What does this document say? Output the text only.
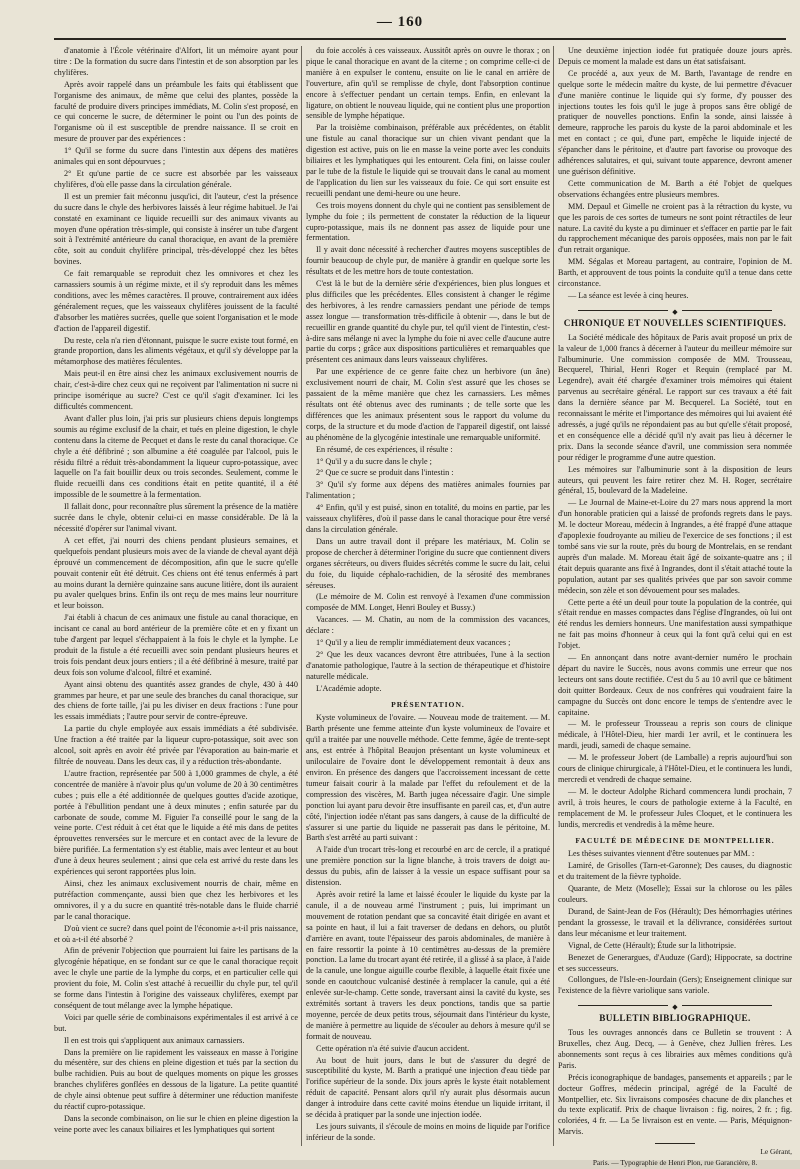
— 160 —

d'anatomie à l'École vétérinaire d'Alfort, lit un mémoire ayant pour titre : De la formation du sucre dans l'intestin et de son absorption par les chylifères.

Après avoir rappelé dans un préambule les faits qui établissent que l'organisme des animaux, de même que celui des plantes, possède la faculté de produire divers principes immédiats, M. Colin s'est proposé, en ce qui concerne le sucre, de déterminer le point ou l'un des points de l'organisme où il est susceptible de prendre naissance. Il se croit en mesure de prouver par des expériences :

1° Qu'il se forme du sucre dans l'intestin aux dépens des matières animales qui en sont dépourvues ;

2° Et qu'une partie de ce sucre est absorbée par les vaisseaux chylifères, d'où elle passe dans la circulation générale.

Il est un premier fait méconnu jusqu'ici, dit l'auteur, c'est la présence du sucre dans le chyle des herbivores laissés à leur régime habituel. Je l'ai constaté en examinant ce liquide recueilli sur des animaux vivants au moyen d'une opération très-simple, qui consiste à insérer un tube d'argent soit à l'extrémité antérieure du canal thoracique, en avant de la première côte, soit au conduit chylifère principal, très-développé chez les bêtes bovines.

Ce fait remarquable se reproduit chez les omnivores et chez les carnassiers soumis à un régime mixte, et il s'y reproduit dans les mêmes conditions, avec les mêmes caractères. Il prouve, contrairement aux idées généralement reçues, que les vaisseaux chylifères jouissent de la faculté d'absorber les matières sucrées, quelle que soient l'organisation et le mode d'action de l'appareil digestif.

Du reste, cela n'a rien d'étonnant, puisque le sucre existe tout formé, en grande proportion, dans les aliments végétaux, et qu'il s'y développe par la métamorphose des matières féculentes.

Mais peut-il en être ainsi chez les animaux exclusivement nourris de chair, c'est-à-dire chez ceux qui ne reçoivent par l'alimentation ni sucre ni principe isomérique au sucre? C'est ce qu'il s'agit d'examiner. Ici les difficultés commencent.

Avant d'aller plus loin, j'ai pris sur plusieurs chiens depuis longtemps soumis au régime exclusif de la chair, et tués en pleine digestion, le chyle contenu dans la citerne de Pecquet et dans le reste du canal thoracique. Ce chyle a été défibriné ; son albumine a été coagulée par l'alcool, puis le résidu filtré a réduit très-abondamment la liqueur cupro-potassique, avec laquelle on l'a fait bouillir deux ou trois secondes. Seulement, comme le fluide recueilli dans ces conditions était en petite quantité, il a été impossible de le soumettre à la fermentation.

Il fallait donc, pour reconnaître plus sûrement la présence de la matière sucrée dans le chyle, obtenir celui-ci en masse considérable. De là la nécessité d'opérer sur l'animal vivant.

A cet effet, j'ai nourri des chiens pendant plusieurs semaines, et quelquefois pendant plusieurs mois avec de la viande de cheval ayant déjà éprouvé un commencement de décomposition, afin que le sucre qu'elle pouvait contenir eût été détruit. Ces chiens ont été tenus enfermés à part au moins durant la dernière quinzaine sans aucune litière, dont ils auraient pu avaler quelques brins. Enfin ils ont reçu de mes mains leur nourriture et leur boisson.

J'ai établi à chacun de ces animaux une fistule au canal thoracique, en incisant ce canal au bord antérieur de la première côte et en y fixant un tube d'argent par lequel s'échappaient à la fois le chyle et la lymphe. Le produit de la fistule a été recueilli avec soin pendant plusieurs heures et trois fois pendant deux jours entiers ; il a été défibriné à mesure, traité par deux fois son volume d'alcool, filtré et examiné.

Ayant ainsi obtenu des quantités assez grandes de chyle, 430 à 440 grammes par heure, et par une seule des branches du canal thoracique, sur des chiens de forte taille, j'ai pu les diviser en deux fractions : l'une pour les essais immédiats ; l'autre pour servir de contre-épreuve.

La partie du chyle employée aux essais immédiats a été subdivisée. Une fraction a été traitée par la liqueur cupro-potassique, soit avec son alcool, soit après en avoir été privée par l'évaporation au bain-marie et filtrée de nouveau. Dans les deux cas, il y a réduction très-abondante.

L'autre fraction, représentée par 500 à 1,000 grammes de chyle, a été concentrée de manière à n'avoir plus qu'un volume de 20 à 30 centimètres cubes ; puis elle a été additionnée de quelques gouttes d'acide azotique, portée à l'ébullition pendant une à deux minutes ; enfin saturée par du carbonate de soude, comme M. Figuier l'a conseillé pour le sang de la veine porte. C'est réduit à cet état que le liquide a été mis dans de petites éprouvettes renversées sur le mercure et en contact avec de la levure de bière purifiée. La fermentation s'y est établie, mais avec lenteur et au bout d'une à deux heures seulement ; ainsi que cela est arrivé du reste dans les expériences qui seront rapportées plus loin.

Ainsi, chez les animaux exclusivement nourris de chair, même en putréfaction commençante, aussi bien que chez les herbivores et les omnivores, il y a du sucre en quantité très-notable dans le fluide charrié par le canal thoracique.

D'où vient ce sucre? dans quel point de l'économie a-t-il pris naissance, et où a-t-il été absorbé ?

Afin de prévenir l'objection que pourraient lui faire les partisans de la glycogénie hépatique, en se fondant sur ce que le canal thoracique reçoit avec le chyle une partie de la lymphe du corps, et en particulier celle qui provient du foie, M. Colin s'est attaché à recueillir du chyle pur, tel qu'il se forme dans l'intestin à l'origine des vaisseaux chylifères, exempt par conséquent de tout mélange avec la lymphe hépatique.

Voici par quelle série de combinaisons expérimentales il est arrivé à ce but.

Il en est trois qui s'appliquent aux animaux carnassiers.

Dans la première on lie rapidement les vaisseaux en masse à l'origine du mésentère, sur des chiens en pleine digestion et tués par la section du bulbe rachidien. Puis au bout de quelques moments on pique les grosses branches chylifères gonflées en dessous de la ligature. La petite quantité de chyle ainsi obtenue peut suffire à déterminer une réduction manifeste du réactif cupro-potassique.

Dans la seconde combinaison, on lie sur le chien en pleine digestion la veine porte avec les canaux biliaires et les lymphatiques qui sortent

du foie accolés à ces vaisseaux. Aussitôt après on ouvre le thorax ; on pique le canal thoracique en avant de la citerne ; on comprime celle-ci de manière à en expulser le contenu, ensuite on lie le canal en arrière de l'ouverture, afin qu'il se remplisse de chyle, dont l'absorption continue encore à s'effectuer pendant un certain temps. Enfin, en enlevant la ligature, on obtient le nouveau liquide, qui ne contient plus une proportion sensible de lymphe hépatique.

Par la troisième combinaison, préférable aux précédentes, on établit une fistule au canal thoracique sur un chien vivant pendant que la digestion est active, puis on lie en masse la veine porte avec les conduits biliaires et les lymphatiques qui les entourent. Cela fini, on laisse couler par le tube de la fistule le liquide qui se trouvait dans le canal au moment de l'application du lien sur les vaisseaux du foie. Ce qui sort ensuite est recueilli pendant une demi-heure ou une heure.

Ces trois moyens donnent du chyle qui ne contient pas sensiblement de lymphe du foie ; ils permettent de constater la réduction de la liqueur cupro-potassique, mais ils ne donnent pas assez de liquide pour une fermentation.

Il y avait donc nécessité à rechercher d'autres moyens susceptibles de fournir beaucoup de chyle pur, de manière à grandir en quelque sorte les résultats et de les mettre hors de toute contestation.

C'est là le but de la dernière série d'expériences, bien plus longues et plus difficiles que les précédentes. Elles consistent à changer le régime des herbivores, à les rendre carnassiers pendant une période de temps assez longue — transformation très-difficile à obtenir —, dans le but de recueillir en grande quantité du chyle pur, tel qu'il vient de l'intestin, c'est-à-dire sans mélange ni avec la lymphe du foie ni avec celle d'aucune autre partie du corps ; grâce aux dispositions particulières et remarquables que présentent ces animaux dans leurs vaisseaux chylifères.

Par une expérience de ce genre faite chez un herbivore (un âne) exclusivement nourri de chair, M. Colin s'est assuré que les choses se passaient de la même manière que chez les carnassiers. Les mêmes résultats ont été obtenus avec des ruminants ; de telle sorte que les différences que les animaux présentent sous le rapport du volume du corps, de la structure et du mode d'action de l'appareil digestif, ont laissé au phénomène de la glycogénie intestinale une remarquable uniformité.

En résumé, de ces expériences, il résulte :

1° Qu'il y a du sucre dans le chyle ;

2° Que ce sucre se produit dans l'intestin :

3° Qu'il s'y forme aux dépens des matières animales fournies par l'alimentation ;

4° Enfin, qu'il y est puisé, sinon en totalité, du moins en partie, par les vaisseaux chylifères, d'où il passe dans le canal thoracique pour être versé dans la circulation générale.

Dans un autre travail dont il prépare les matériaux, M. Colin se propose de chercher à déterminer l'origine du sucre que contiennent divers organes sécréteurs, ou divers fluides sécrétés comme le sucre du lait, celui du foie, du liquide céphalo-rachidien, de la sérosité des membranes séreuses.

(Le mémoire de M. Colin est renvoyé à l'examen d'une commission composée de MM. Longet, Henri Bouley et Bussy.)

Vacances. — M. Chatin, au nom de la commission des vacances, déclare :

1° Qu'il y a lieu de remplir immédiatement deux vacances ;

2° Que les deux vacances devront être attribuées, l'une à la section d'anatomie pathologique, l'autre à la section de thérapeutique et d'histoire naturelle médicale.

L'Académie adopte.

PRÉSENTATION.

Kyste volumineux de l'ovaire. — Nouveau mode de traitement. — M. Barth présente une femme atteinte d'un kyste volumineux de l'ovaire et qu'il a traitée par une nouvelle méthode. Cette femme, âgée de trente-sept ans, est entrée à l'hôpital Beaujon présentant un kyste volumineux et uniloculaire de l'ovaire dont le développement remontait à deux ans environ. En présence des dangers que l'accroissement incessant de cette tumeur faisait courir à la malade par l'effet du refoulement et de la compression des viscères, M. Barth jugea nécessaire d'agir. Une simple ponction lui ayant paru devoir être insuffisante en pareil cas, et, d'un autre côté, l'injection iodée n'étant pas sans dangers, à cause de la difficulté de s'assurer si une partie du liquide ne passerait pas dans le péritoine, M. Barth s'est arrêté au parti suivant :

A l'aide d'un trocart très-long et recourbé en arc de cercle, il a pratiqué une première ponction sur la ligne blanche, à trois travers de doigt au-dessus du pubis, afin de laisser à la vessie un espace suffisant pour sa distension.

Après avoir retiré la lame et laissé écouler le liquide du kyste par la canule, il a de nouveau armé l'instrument ; puis, lui imprimant un mouvement de rotation pendant que sa concavité était dirigée en avant et sa pointe en haut, il lui a fait traverser de dedans en dehors, ou plutôt d'arrière en avant, toute l'épaisseur des parois abdominales, de manière à en faire ressortir la pointe à 10 centimètres au-dessus de la première ponction. La lame du trocart ayant été retirée, il a glissé à sa place, à l'aide de la canule, une longue aiguille courbe flexible, à laquelle était fixée une sonde en caoutchouc vulcanisé destinée à remplacer la canule, qui a été enlevée sur-le-champ. Cette sonde, traversant ainsi la cavité du kyste, ses extrémités sortant à travers les deux ponctions, tandis que sa partie moyenne, percée de deux petits trous, séjournait dans l'intérieur du kyste, de manière à permettre au liquide de s'écouler au dehors à mesure qu'il se formait de nouveau.

Cette opération n'a été suivie d'aucun accident.

Au bout de huit jours, dans le but de s'assurer du degré de susceptibilité du kyste, M. Barth a pratiqué une injection d'eau tiède par l'orifice supérieur de la sonde. Dix jours après le kyste était notablement réduit de capacité. Pensant alors qu'il n'y aurait plus désormais aucun danger à introduire dans cette cavité moins étendue un liquide irritant, il se décida à pratiquer par la sonde une injection iodée.

Les jours suivants, il s'écoule de moins en moins de liquide par l'orifice inférieur de la sonde.

Une deuxième injection iodée fut pratiquée douze jours après. Depuis ce moment la malade est dans un état satisfaisant.

Ce procédé a, aux yeux de M. Barth, l'avantage de rendre en quelque sorte le médecin maître du kyste, de lui permettre d'évacuer d'une manière continue le liquide qui s'y forme, d'y pousser des injections toutes les fois qu'il le juge à propos sans être obligé de pratiquer de nouvelles ponctions. Enfin la sonde, ainsi laissée à demeure, rapproche les parois du kyste de la paroi abdominale et les met en contact ; ce qui, d'une part, empêche le liquide injecté de s'épancher dans le péritoine, et d'autre part favorise ou provoque des adhérences salutaires, et qui, suivant toute apparence, devront amener une guérison définitive.

Cette communication de M. Barth a été l'objet de quelques observations échangées entre plusieurs membres.

MM. Depaul et Gimelle ne croient pas à la rétraction du kyste, vu que les parois de ces sortes de tumeurs ne sont point rétractiles de leur nature. La cavité du kyste a pu diminuer et s'effacer en partie par le fait du rapprochement mécanique des parois opposées, mais non par le fait d'un retrait organique.

MM. Ségalas et Moreau partagent, au contraire, l'opinion de M. Barth, et approuvent de tous points la conduite qu'il a tenue dans cette circonstance.

— La séance est levée à cinq heures.

◆
CHRONIQUE ET NOUVELLES SCIENTIFIQUES.

La Société médicale des hôpitaux de Paris avait proposé un prix de la valeur de 1,000 francs à décerner à l'auteur du meilleur mémoire sur l'albuminurie. Une commission composée de MM. Trousseau, Becquerel, Thirial, Henri Roger et Requin (remplacé par M. Legendre), avait été chargée d'examiner trois mémoires qui étaient parvenus au secrétaire général. Le rapport sur ces travaux a été fait dans la dernière séance par M. Becquerel. La Société, tout en reconnaissant le mérite et l'importance des mémoires qui lui avaient été adressés, a jugé qu'ils ne répondaient pas au but qu'elle s'était proposé, et en conséquence elle a décidé qu'il n'y avait pas lieu à décerner le prix. Dans la seconde séance d'avril, une commission sera nommée pour rédiger le programme d'une autre question.

Les mémoires sur l'albuminurie sont à la disposition de leurs auteurs, qui peuvent les faire retirer chez M. H. Roger, secrétaire général, 15, boulevard de la Madeleine.

— Le Journal de Maine-et-Loire du 27 mars nous apprend la mort d'un honorable praticien qui a laissé de profonds regrets dans le pays. M. le docteur Moreau, médecin à Ingrandes, a été frappé d'une attaque d'apoplexie foudroyante au milieu de l'exercice de ses fonctions ; il est tombé sans vie sur la route, près du bourg de Montrelais, en se rendant auprès d'un malade. M. Moreau était âgé de soixante-quatre ans ; il était depuis quarante ans fixé à Ingrandes, dont il s'était attaché toute la population, autant par ses qualités privées que par son savoir comme médecin, son zèle et son dévouement pour ses malades.

Cette perte a été un deuil pour toute la population de la contrée, qui s'était rendue en masses compactes dans l'église d'Ingrandes, où lui ont été rendus les derniers honneurs. Une manifestation aussi sympathique ne fait pas moins d'honneur à ceux qui la font qu'à celui qui en est l'objet.

— En annonçant dans notre avant-dernier numéro le prochain départ du navire le Succès, nous avons commis une erreur que nos lecteurs ont sans doute rectifiée. C'est du 5 au 10 avril que ce bâtiment doit quitter Bordeaux. Ceux de nos confrères qui voudraient faire la campagne du Succès ont donc encore le temps de s'entendre avec le capitaine.

— M. le professeur Trousseau a repris son cours de clinique médicale, à l'Hôtel-Dieu, hier mardi 1er avril, et le continuera les mardi, jeudi, samedi de chaque semaine.

— M. le professeur Jobert (de Lamballe) a repris aujourd'hui son cours de clinique chirurgicale, à l'Hôtel-Dieu, et le continuera les lundi, mercredi et vendredi de chaque semaine.

— M. le docteur Adolphe Richard commencera lundi prochain, 7 avril, à trois heures, le cours de pathologie externe à la Faculté, en remplacement de M. le professeur Jules Cloquet, et le continuera les lundis, mercredis et vendredis à la même heure.

FACULTÉ DE MÉDECINE DE MONTPELLIER.

Les thèses suivantes viennent d'être soutenues par MM. :

Lamiré, de Grisolles (Tarn-et-Garonne); Des causes, du diagnostic et du traitement de la fièvre typhoïde.

Quarante, de Metz (Moselle); Essai sur la chlorose ou les pâles couleurs.

Durand, de Saint-Jean de Fos (Hérault); Des hémorrhagies utérines pendant la grossesse, le travail et la délivrance, considérées surtout dans leur mécanisme et leur traitement.

Vignal, de Cette (Hérault); Étude sur la lithotripsie.

Benezet de Generargues, d'Auduze (Gard); Hippocrate, sa doctrine et ses successeurs.

Collongues, de l'Isle-en-Jourdain (Gers); Enseignement clinique sur l'existence de la fièvre variolique sans variole.

◆
BULLETIN BIBLIOGRAPHIQUE.

Tous les ouvrages annoncés dans ce Bulletin se trouvent : A Bruxelles, chez Aug. Decq, — à Genève, chez Jullien frères. Les abonnements sont reçus à ces librairies aux mêmes conditions qu'à Paris.

Précis iconographique de bandages, pansements et appareils ; par le docteur Goffres, médecin principal, agrégé de la Faculté de Montpellier, etc. Six livraisons composées chacune de dix planches et du texte explicatif. Prix de chaque livraison : fig. noires, 2 fr. ; fig. coloriées, 4 fr. — La 5e livraison est en vente. — Paris, Méquignon-Marvis.

Le Gérant,
Paris. — Typographie de Henri Plon, rue Garancière, 8.
